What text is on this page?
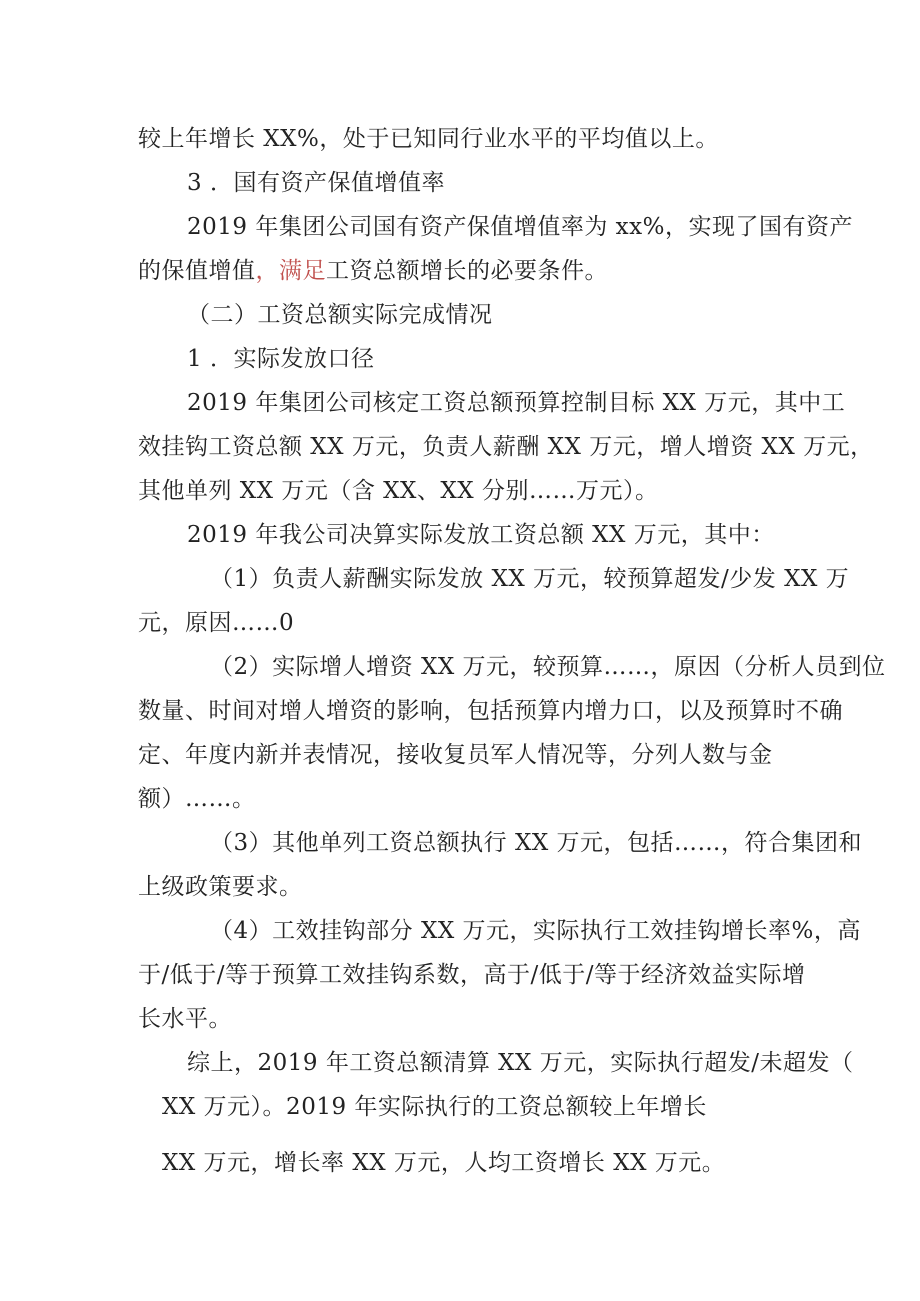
较上年增长 XX%，处于已知同行业水平的平均值以上。
3 ．国有资产保值增值率
2019 年集团公司国有资产保值增值率为 xx%，实现了国有资产
的保值增值，满足工资总额增长的必要条件。
（二）工资总额实际完成情况
1 ．实际发放口径
2019 年集团公司核定工资总额预算控制目标 XX 万元，其中工
效挂钩工资总额 XX 万元，负责人薪酬 XX 万元，增人增资 XX 万元，
其他单列 XX 万元（含 XX、XX 分别……万元）。
2019 年我公司决算实际发放工资总额 XX 万元，其中：
（1）负责人薪酬实际发放 XX 万元，较预算超发/少发 XX 万
元，原因……0
（2）实际增人增资 XX 万元，较预算……，原因（分析人员到位
数量、时间对增人增资的影响，包括预算内增力口，以及预算时不确
定、年度内新并表情况，接收复员军人情况等，分列人数与金
额）……。
（3）其他单列工资总额执行 XX 万元，包括……，符合集团和
上级政策要求。
（4）工效挂钩部分 XX 万元，实际执行工效挂钩增长率%，高
于/低于/等于预算工效挂钩系数，高于/低于/等于经济效益实际增
长水平。
综上，2019 年工资总额清算 XX 万元，实际执行超发/未超发（
XX 万元）。2019 年实际执行的工资总额较上年增长
XX 万元，增长率 XX 万元，人均工资增长 XX 万元。
